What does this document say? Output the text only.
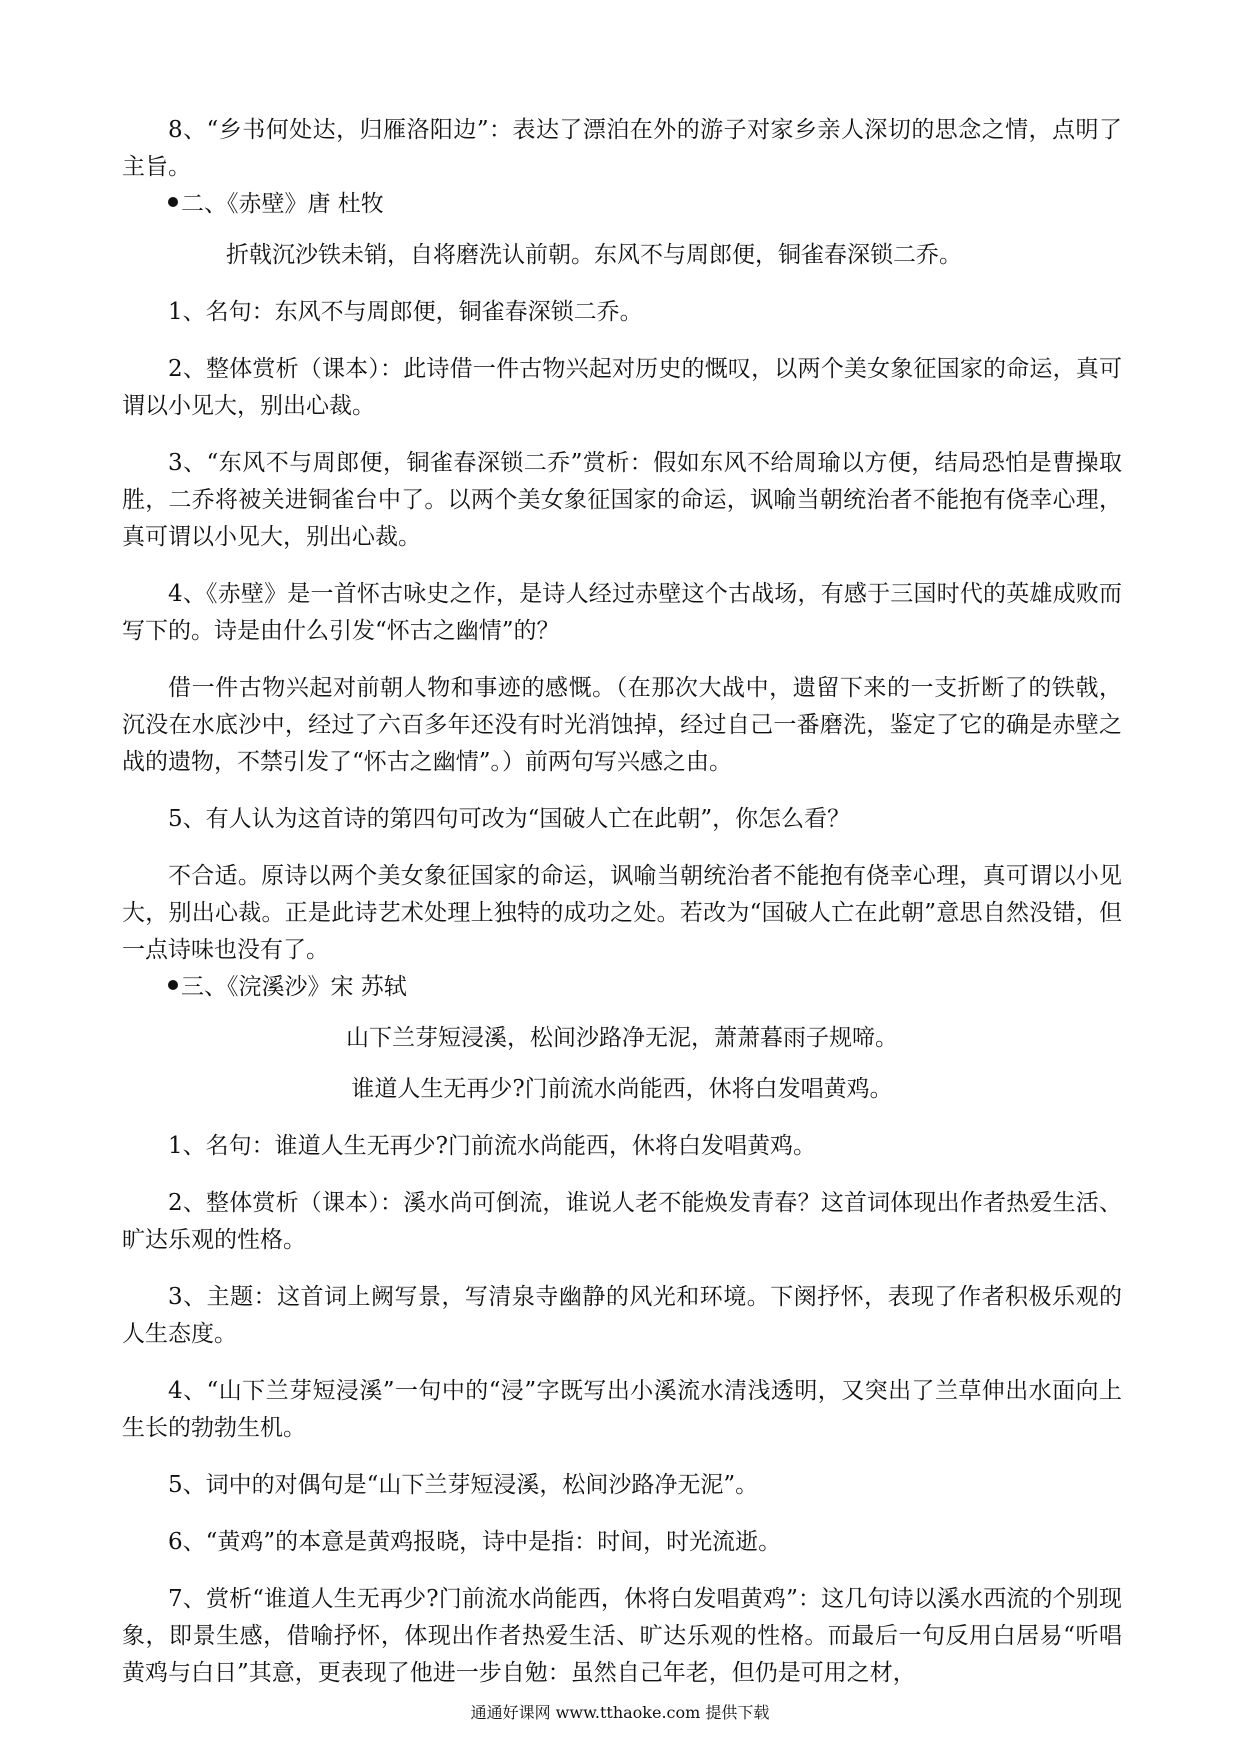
8、“乡书何处达，归雁洛阳边”：表达了漂泊在外的游子对家乡亲人深切的思念之情，点明了主旨。

二、《赤壁》唐 杜牧

折戟沉沙铁未销，自将磨洗认前朝。东风不与周郎便，铜雀春深锁二乔。

1、名句：东风不与周郎便，铜雀春深锁二乔。

2、整体赏析（课本）：此诗借一件古物兴起对历史的慨叹，以两个美女象征国家的命运，真可谓以小见大，别出心裁。

3、“东风不与周郎便，铜雀春深锁二乔”赏析：假如东风不给周瑜以方便，结局恐怕是曹操取胜，二乔将被关进铜雀台中了。以两个美女象征国家的命运，讽喻当朝统治者不能抱有侥幸心理，真可谓以小见大，别出心裁。

4、《赤壁》是一首怀古咏史之作，是诗人经过赤壁这个古战场，有感于三国时代的英雄成败而写下的。诗是由什么引发“怀古之幽情”的？

借一件古物兴起对前朝人物和事迹的感慨。（在那次大战中，遗留下来的一支折断了的铁戟，沉没在水底沙中，经过了六百多年还没有时光消蚀掉，经过自己一番磨洗，鉴定了它的确是赤壁之战的遗物，不禁引发了“怀古之幽情”。）前两句写兴感之由。

5、有人认为这首诗的第四句可改为“国破人亡在此朝”，你怎么看？

不合适。原诗以两个美女象征国家的命运，讽喻当朝统治者不能抱有侥幸心理，真可谓以小见大，别出心裁。正是此诗艺术处理上独特的成功之处。若改为“国破人亡在此朝”意思自然没错，但一点诗味也没有了。

三、《浣溪沙》宋 苏轼

山下兰芽短浸溪，松间沙路净无泥，萧萧暮雨子规啼。

谁道人生无再少?门前流水尚能西，休将白发唱黄鸡。

1、名句：谁道人生无再少?门前流水尚能西，休将白发唱黄鸡。

2、整体赏析（课本）：溪水尚可倒流，谁说人老不能焕发青春？这首词体现出作者热爱生活、旷达乐观的性格。

3、主题：这首词上阙写景，写清泉寺幽静的风光和环境。下阕抒怀，表现了作者积极乐观的人生态度。

4、“山下兰芽短浸溪”一句中的“浸”字既写出小溪流水清浅透明，又突出了兰草伸出水面向上生长的勃勃生机。

5、词中的对偶句是“山下兰芽短浸溪，松间沙路净无泥”。

6、“黄鸡”的本意是黄鸡报晓，诗中是指：时间，时光流逝。

7、赏析“谁道人生无再少?门前流水尚能西，休将白发唱黄鸡”：这几句诗以溪水西流的个别现象，即景生感，借喻抒怀，体现出作者热爱生活、旷达乐观的性格。而最后一句反用白居易“听唱黄鸡与白日”其意，更表现了他进一步自勉：虽然自己年老，但仍是可用之材，

通通好课网 www.tthaoke.com 提供下载
